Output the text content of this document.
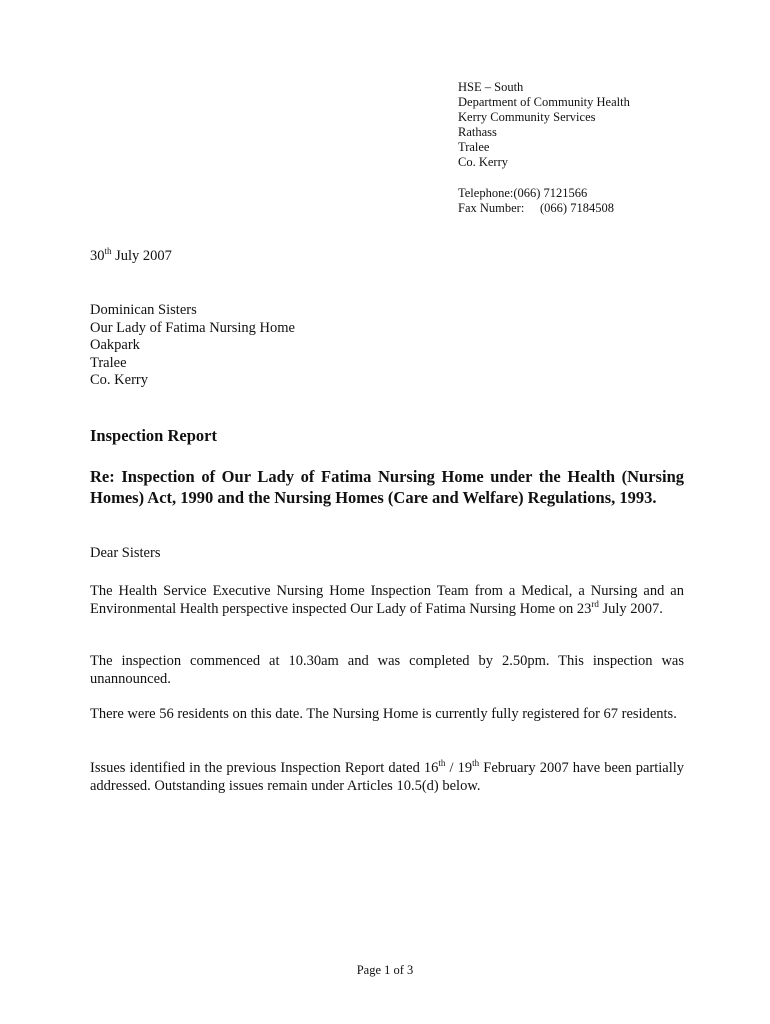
HSE – South
Department of Community Health
Kerry Community Services
Rathass
Tralee
Co. Kerry
Telephone:(066) 7121566
Fax Number: (066) 7184508
30th July 2007
Dominican Sisters
Our Lady of Fatima Nursing Home
Oakpark
Tralee
Co. Kerry
Inspection Report
Re: Inspection of Our Lady of Fatima Nursing Home under the Health (Nursing Homes) Act, 1990 and the Nursing Homes (Care and Welfare) Regulations, 1993.
Dear Sisters
The Health Service Executive Nursing Home Inspection Team from a Medical, a Nursing and an Environmental Health perspective inspected Our Lady of Fatima Nursing Home on 23rd July 2007.
The inspection commenced at 10.30am and was completed by 2.50pm. This inspection was unannounced.
There were 56 residents on this date. The Nursing Home is currently fully registered for 67 residents.
Issues identified in the previous Inspection Report dated 16th / 19th February 2007 have been partially addressed. Outstanding issues remain under Articles 10.5(d) below.
Page 1 of 3
